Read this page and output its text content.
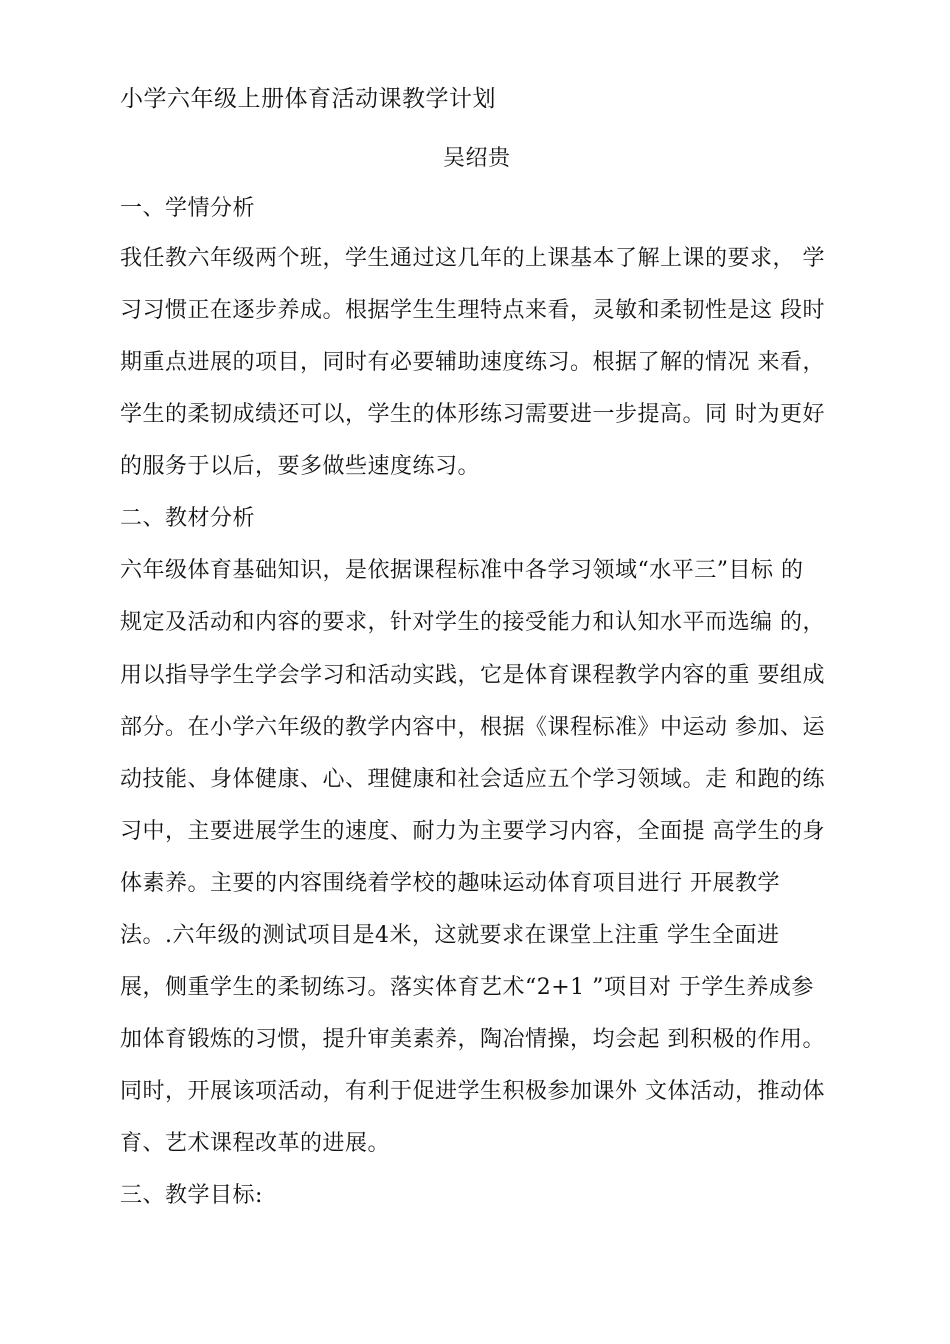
小学六年级上册体育活动课教学计划
吴绍贵
一、学情分析
我任教六年级两个班，学生通过这几年的上课基本了解上课的要求， 学
习习惯正在逐步养成。根据学生生理特点来看，灵敏和柔韧性是这 段时
期重点进展的项目，同时有必要辅助速度练习。根据了解的情况 来看，
学生的柔韧成绩还可以，学生的体形练习需要进一步提高。同 时为更好
的服务于以后，要多做些速度练习。
二、教材分析
六年级体育基础知识，是依据课程标准中各学习领域“水平三”目标 的
规定及活动和内容的要求，针对学生的接受能力和认知水平而选编 的，
用以指导学生学会学习和活动实践，它是体育课程教学内容的重 要组成
部分。在小学六年级的教学内容中，根据《课程标准》中运动 参加、运
动技能、身体健康、心、理健康和社会适应五个学习领域。走 和跑的练
习中，主要进展学生的速度、耐力为主要学习内容，全面提 高学生的身
体素养。主要的内容围绕着学校的趣味运动体育项目进行 开展教学
法。.六年级的测试项目是4米，这就要求在课堂上注重 学生全面进
展，侧重学生的柔韧练习。落实体育艺术“2+1 ”项目对 于学生养成参
加体育锻炼的习惯，提升审美素养，陶冶情操，均会起 到积极的作用。
同时，开展该项活动，有利于促进学生积极参加课外 文体活动，推动体
育、艺术课程改革的进展。
三、教学目标:
